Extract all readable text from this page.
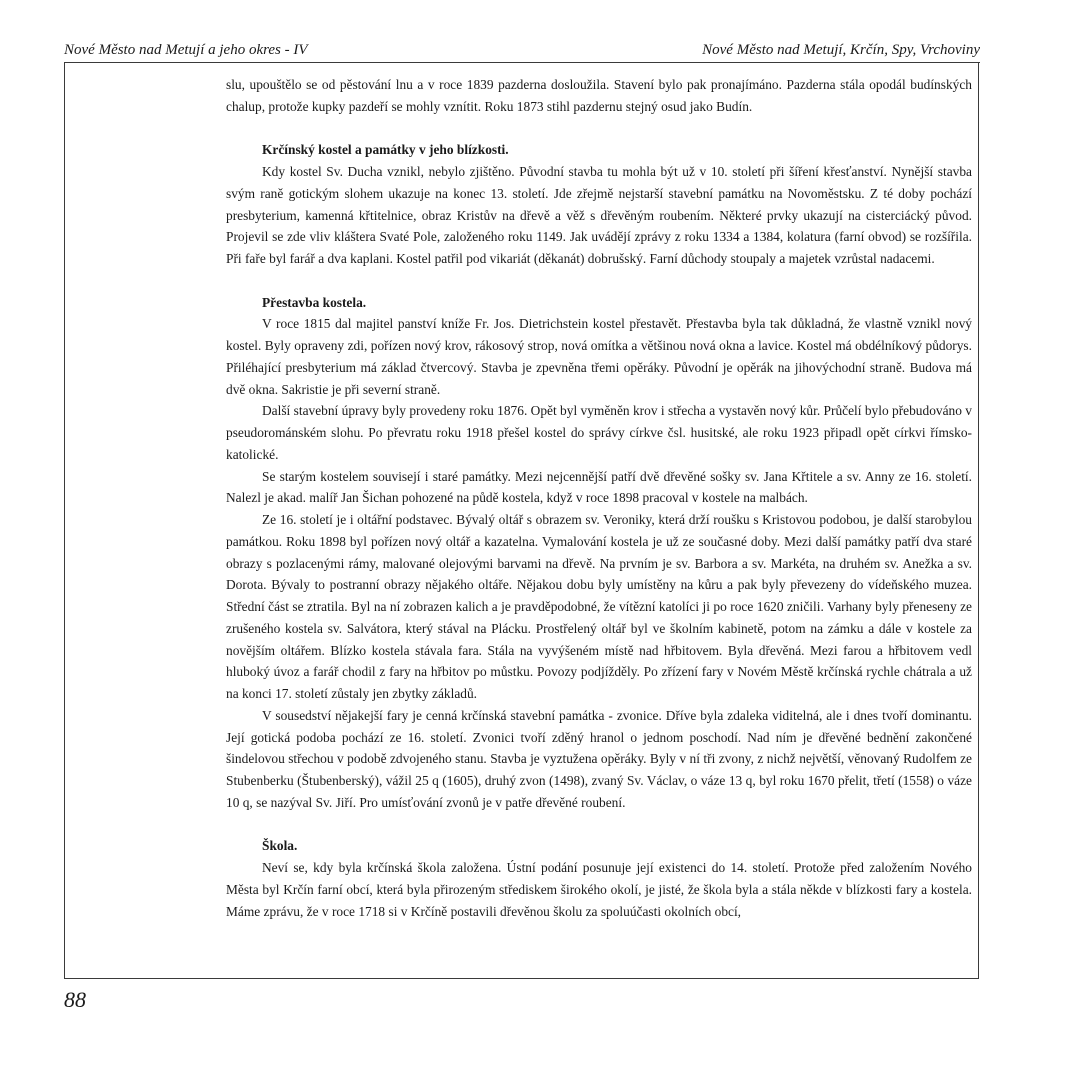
Nové Město nad Metují a jeho okres - IV	Nové Město nad Metují, Krčín, Spy, Vrchoviny

slu, upouštělo se od pěstování lnu a v roce 1839 pazderna dosloužila. Stavení bylo pak pronajímáno. Pazderna stála opodál budínských chalup, protože kupky pazdeří se mohly vznítit. Roku 1873 stihl pazdernu stejný osud jako Budín.

Krčínský kostel a památky v jeho blízkosti.

Kdy kostel Sv. Ducha vznikl, nebylo zjištěno. Původní stavba tu mohla být už v 10. století při šíření křesťanství. Nynější stavba svým raně gotickým slohem ukazuje na konec 13. století. Jde zřejmě nejstarší stavební památku na Novoměstsku. Z té doby pochází presbyterium, kamenná křtitelnice, obraz Kristův na dřevě a věž s dřevěným roubením. Některé prvky ukazují na cisterciácký původ. Projevil se zde vliv kláštera Svaté Pole, založeného roku 1149. Jak uvádějí zprávy z roku 1334 a 1384, kolatura (farní obvod) se rozšířila. Při faře byl farář a dva kaplani. Kostel patřil pod vikariát (děkanát) dobrušský. Farní důchody stoupaly a majetek vzrůstal nadacemi.

Přestavba kostela.

V roce 1815 dal majitel panství kníže Fr. Jos. Dietrichstein kostel přestavět. Přestavba byla tak důkladná, že vlastně vznikl nový kostel. Byly opraveny zdi, pořízen nový krov, rákosový strop, nová omítka a většinou nová okna a lavice. Kostel má obdélníkový půdorys. Přiléhající presbyterium má základ čtvercový. Stavba je zpevněna třemi opěráky. Původní je opěrák na jihovýchodní straně. Budova má dvě okna. Sakristie je při severní straně.

Další stavební úpravy byly provedeny roku 1876. Opět byl vyměněn krov i střecha a vystavěn nový kůr. Průčelí bylo přebudováno v pseudorománském slohu. Po převratu roku 1918 přešel kostel do správy církve čsl. husitské, ale roku 1923 připadl opět církvi římsko-katolické.

Se starým kostelem souvisejí i staré památky. Mezi nejcennější patří dvě dřevěné sošky sv. Jana Křtitele a sv. Anny ze 16. století. Nalezl je akad. malíř Jan Šichan pohozené na půdě kostela, když v roce 1898 pracoval v kostele na malbách.

Ze 16. století je i oltářní podstavec. Bývalý oltář s obrazem sv. Veroniky, která drží roušku s Kristovou podobou, je další starobylou památkou. Roku 1898 byl pořízen nový oltář a kazatelna. Vymalování kostela je už ze současné doby. Mezi další památky patří dva staré obrazy s pozlacenými rámy, malované olejovými barvami na dřevě. Na prvním je sv. Barbora a sv. Markéta, na druhém sv. Anežka a sv. Dorota. Bývaly to postranní obrazy nějakého oltáře. Nějakou dobu byly umístěny na kůru a pak byly převezeny do vídeňského muzea. Střední část se ztratila. Byl na ní zobrazen kalich a je pravděpodobné, že vítězní katolíci ji po roce 1620 zničili. Varhany byly přeneseny ze zrušeného kostela sv. Salvátora, který stával na Plácku. Prostřelený oltář byl ve školním kabinetě, potom na zámku a dále v kostele za novějším oltářem. Blízko kostela stávala fara. Stála na vyvýšeném místě nad hřbitovem. Byla dřevěná. Mezi farou a hřbitovem vedl hluboký úvoz a farář chodil z fary na hřbitov po můstku. Povozy podjížděly. Po zřízení fary v Novém Městě krčínská rychle chátrala a už na konci 17. století zůstaly jen zbytky základů.

V sousedství nějakejší fary je cenná krčínská stavební památka - zvonice. Dříve byla zdaleka viditelná, ale i dnes tvoří dominantu. Její gotická podoba pochází ze 16. století. Zvonici tvoří zděný hranol o jednom poschodí. Nad ním je dřevěné bednění zakončené šindelovou střechou v podobě zdvojeného stanu. Stavba je vyztužena opěráky. Byly v ní tři zvony, z nichž největší, věnovaný Rudolfem ze Stubenberku (Štubenberský), vážil 25 q (1605), druhý zvon (1498), zvaný Sv. Václav, o váze 13 q, byl roku 1670 přelit, třetí (1558) o váze 10 q, se nazýval Sv. Jiří. Pro umísťování zvonů je v patře dřevěné roubení.

Škola.

Neví se, kdy byla krčínská škola založena. Ústní podání posunuje její existenci do 14. století. Protože před založením Nového Města byl Krčín farní obcí, která byla přirozeným střediskem širokého okolí, je jisté, že škola byla a stála někde v blízkosti fary a kostela. Máme zprávu, že v roce 1718 si v Krčíně postavili dřevěnou školu za spoluúčasti okolních obcí,

88
